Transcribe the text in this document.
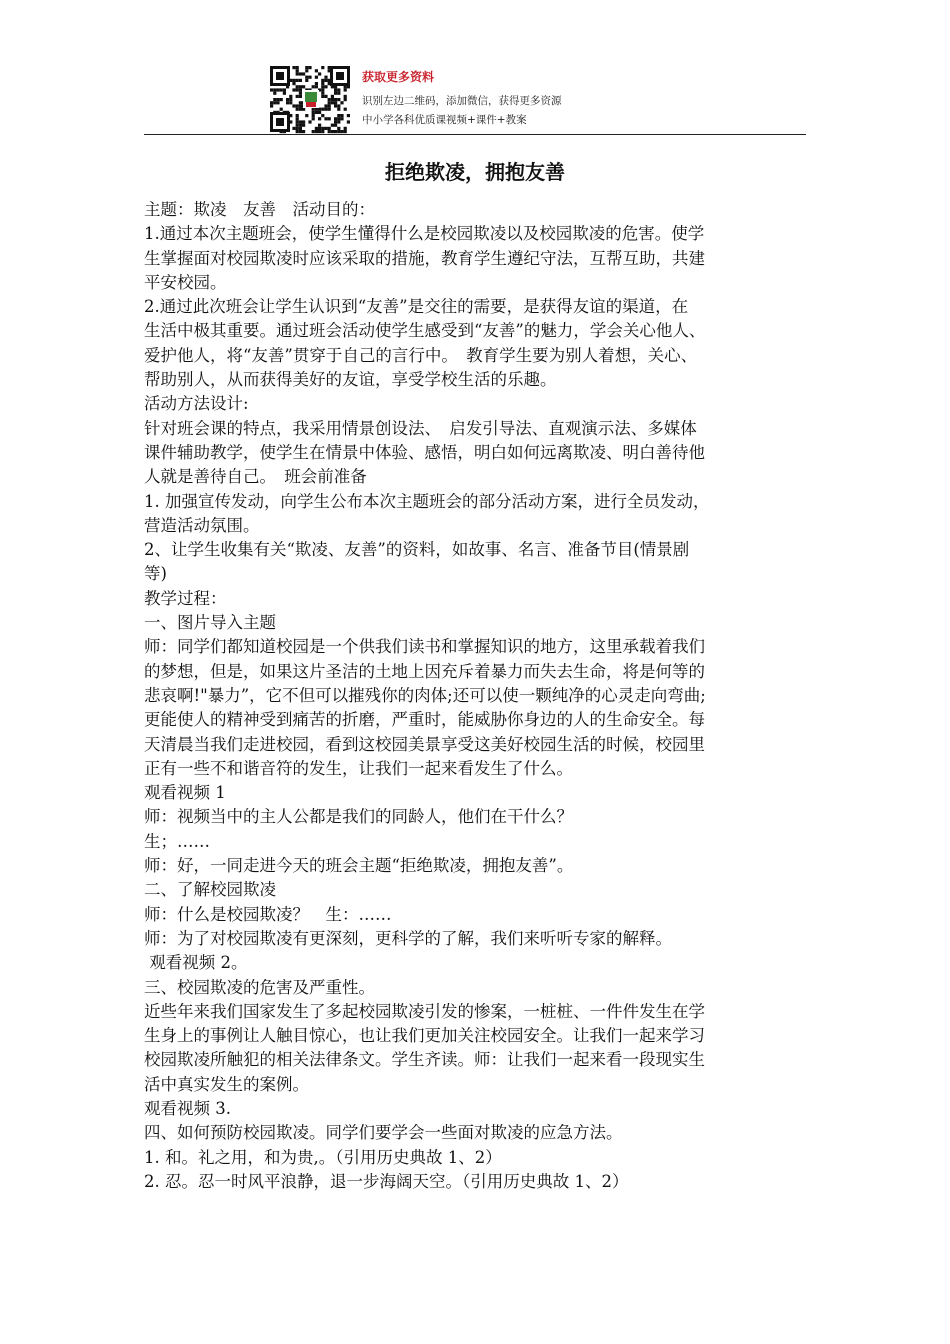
获取更多资料
识别左边二维码，添加微信，获得更多资源
中小学各科优质课视频+课件+教案
拒绝欺凌，拥抱友善

主题：欺凌　友善　活动目的：

1.通过本次主题班会，使学生懂得什么是校园欺凌以及校园欺凌的危害。使学

生掌握面对校园欺凌时应该采取的措施，教育学生遵纪守法，互帮互助，共建

平安校园。

2.通过此次班会让学生认识到“友善”是交往的需要，是获得友谊的渠道，在

生活中极其重要。通过班会活动使学生感受到“友善”的魅力，学会关心他人、

爱护他人，将“友善”贯穿于自己的言行中。　教育学生要为别人着想，关心、

帮助别人，从而获得美好的友谊，享受学校生活的乐趣。

活动方法设计:

针对班会课的特点，我采用情景创设法、　启发引导法、直观演示法、多媒体

课件辅助教学，使学生在情景中体验、感悟，明白如何远离欺凌、明白善待他

人就是善待自己。　班会前准备

1. 加强宣传发动，向学生公布本次主题班会的部分活动方案，进行全员发动，

营造活动氛围。

2、让学生收集有关“欺凌、友善”的资料，如故事、名言、准备节目(情景剧

等)

教学过程：

一、图片导入主题

师：同学们都知道校园是一个供我们读书和掌握知识的地方，这里承载着我们

的梦想，但是，如果这片圣洁的土地上因充斥着暴力而失去生命，将是何等的

悲哀啊!"暴力”，它不但可以摧残你的肉体;还可以使一颗纯净的心灵走向弯曲;

更能使人的精神受到痛苦的折磨，严重时，能威胁你身边的人的生命安全。每

天清晨当我们走进校园，看到这校园美景享受这美好校园生活的时候，校园里

正有一些不和谐音符的发生，让我们一起来看发生了什么。

观看视频 1

师：视频当中的主人公都是我们的同龄人，他们在干什么？

生；……

师：好，一同走进今天的班会主题“拒绝欺凌，拥抱友善”。

二、了解校园欺凌

师：什么是校园欺凌？　生：……

师：为了对校园欺凌有更深刻，更科学的了解，我们来听听专家的解释。

观看视频 2。

三、校园欺凌的危害及严重性。

近些年来我们国家发生了多起校园欺凌引发的惨案，一桩桩、一件件发生在学

生身上的事例让人触目惊心，也让我们更加关注校园安全。让我们一起来学习

校园欺凌所触犯的相关法律条文。学生齐读。师：让我们一起来看一段现实生

活中真实发生的案例。

观看视频 3.

四、如何预防校园欺凌。同学们要学会一些面对欺凌的应急方法。

1. 和。礼之用，和为贵,。（引用历史典故 1、2）

2. 忍。忍一时风平浪静，退一步海阔天空。（引用历史典故 1、2）
